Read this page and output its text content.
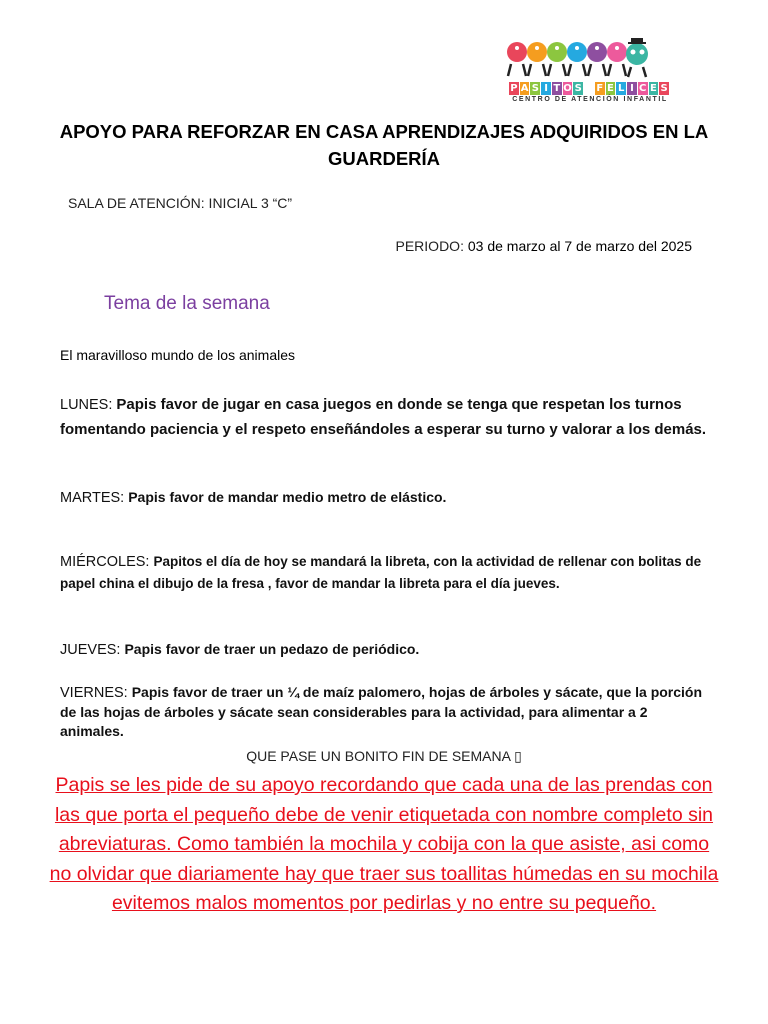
P A S I T O S F E L I C E S
CENTRO DE ATENCIÓN INFANTIL
APOYO PARA REFORZAR EN CASA APRENDIZAJES ADQUIRIDOS EN LA GUARDERÍA
SALA DE ATENCIÓN: INICIAL 3 “C”
PERIODO: 03 de marzo al 7 de marzo del 2025
Tema de la semana
El maravilloso mundo de los animales
LUNES: Papis favor de jugar en casa juegos en donde se tenga que respetan los turnos fomentando paciencia y el respeto enseñándoles a esperar su turno y valorar a los demás.
MARTES: Papis favor de mandar medio metro de elástico.
MIÉRCOLES: Papitos el día de hoy se mandará la libreta, con la actividad de rellenar con bolitas de papel china el dibujo de la fresa , favor de mandar la libreta para el día jueves.
JUEVES: Papis favor de traer un pedazo de periódico.
VIERNES: Papis favor de traer un ¼ de maíz palomero, hojas de árboles y sácate, que la porción de las hojas de árboles y sácate sean considerables para la actividad, para alimentar a 2 animales.
QUE PASE UN BONITO FIN DE SEMANA ▯
Papis se les pide de su apoyo recordando que cada una de las prendas con las que porta el pequeño debe de venir etiquetada con nombre completo sin abreviaturas. Como también la mochila y cobija con la que asiste, asi como no olvidar que diariamente hay que traer sus toallitas húmedas en su mochila evitemos malos momentos por pedirlas y no entre su pequeño.
